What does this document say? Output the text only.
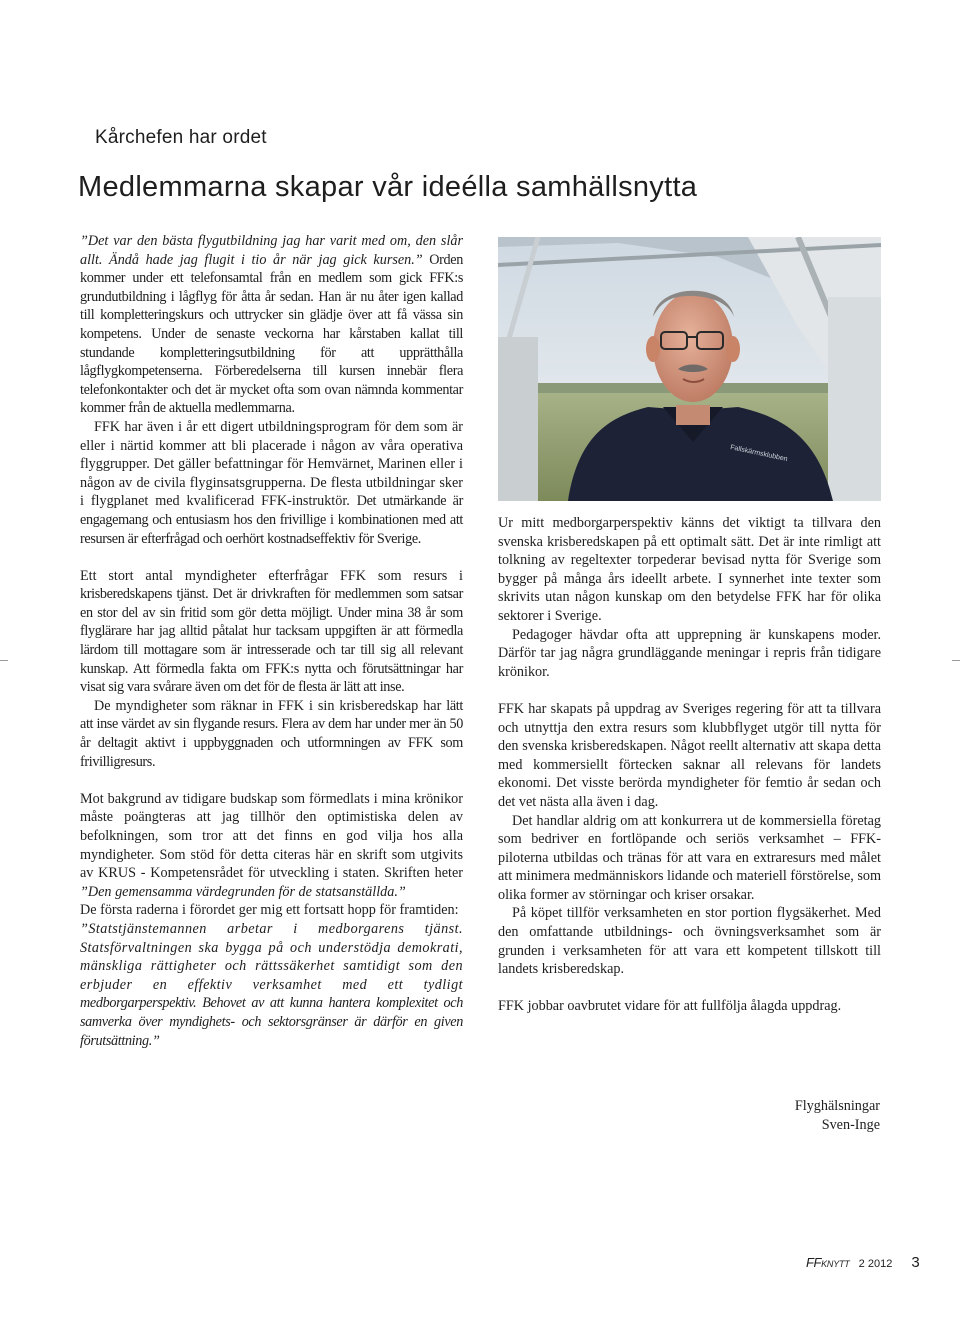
Kårchefen har ordet
Medlemmarna skapar vår ideélla samhällsnytta

”Det var den bästa flygutbildning jag har varit med om, den slår allt. Ändå hade jag flugit i tio år när jag gick kursen.” Orden kommer under ett telefonsamtal från en medlem som gick FFK:s grundutbildning i lågflyg för åtta år sedan. Han är nu åter igen kallad till kompletteringskurs och uttrycker sin glädje över att få vässa sin kompetens. Under de senaste veckorna har kårstaben kallat till stundande kompletteringsutbildning för att upprätthålla lågflygkompetenserna. Förberedelserna till kursen innebär flera telefonkontakter och det är mycket ofta som ovan nämnda kommentar kommer från de aktuella medlemmarna.

FFK har även i år ett digert utbildningsprogram för dem som är eller i närtid kommer att bli placerade i någon av våra operativa flyggrupper. Det gäller befattningar för Hemvärnet, Marinen eller i någon av de civila flyginsatsgrupperna. De flesta utbildningar sker i flygplanet med kvalificerad FFK-instruktör. Det utmärkande är engagemang och entusiasm hos den frivillige i kombinationen med att resursen är efterfrågad och oerhört kostnadseffektiv för Sverige.

Ett stort antal myndigheter efterfrågar FFK som resurs i krisberedskapens tjänst. Det är drivkraften för medlemmen som satsar en stor del av sin fritid som gör detta möjligt. Under mina 38 år som flyglärare har jag alltid påtalat hur tacksam uppgiften är att förmedla lärdom till mottagare som är intresserade och tar till sig all relevant kunskap. Att förmedla fakta om FFK:s nytta och förutsättningar har visat sig vara svårare även om det för de flesta är lätt att inse.

De myndigheter som räknar in FFK i sin krisberedskap har lätt att inse värdet av sin flygande resurs. Flera av dem har under mer än 50 år deltagit aktivt i uppbyggnaden och utformningen av FFK som frivilligresurs.

Mot bakgrund av tidigare budskap som förmedlats i mina krönikor måste poängteras att jag tillhör den optimistiska delen av befolkningen, som tror att det finns en god vilja hos alla myndigheter. Som stöd för detta citeras här en skrift som utgivits av KRUS - Kompetensrådet för utveckling i staten. Skriften heter ”Den gemensamma värdegrunden för de statsanställda.”

De första raderna i förordet ger mig ett fortsatt hopp för framtiden:

”Statstjänstemannen arbetar i medborgarens tjänst. Statsförvaltningen ska bygga på och understödja demokrati, mänskliga rättigheter och rättssäkerhet samtidigt som den erbjuder en effektiv verksamhet med ett tydligt medborgarperspektiv. Behovet av att kunna hantera komplexitet och samverka över myndighets- och sektorsgränser är därför en given förutsättning.”

Fallskärmsklubben

Ur mitt medborgarperspektiv känns det viktigt ta tillvara den svenska krisberedskapen på ett optimalt sätt. Det är inte rimligt att tolkning av regeltexter torpederar bevisad nytta för Sverige som bygger på många års ideellt arbete. I synnerhet inte texter som skrivits utan någon kunskap om den betydelse FFK har för olika sektorer i Sverige.

Pedagoger hävdar ofta att upprepning är kunskapens moder. Därför tar jag några grundläggande meningar i repris från tidigare krönikor.

FFK har skapats på uppdrag av Sveriges regering för att ta tillvara och utnyttja den extra resurs som klubbflyget utgör till nytta för den svenska krisberedskapen. Något reellt alternativ att skapa detta med kommersiellt förtecken saknar all relevans för landets ekonomi. Det visste berörda myndigheter för femtio år sedan och det vet nästa alla även i dag.

Det handlar aldrig om att konkurrera ut de kommersiella företag som bedriver en fortlöpande och seriös verksamhet – FFK-piloterna utbildas och tränas för att vara en extraresurs med målet att minimera medmänniskors lidande och materiell förstörelse, som olika former av störningar och kriser orsakar.

På köpet tillför verksamheten en stor portion flygsäkerhet. Med den omfattande utbildnings- och övningsverksamhet som är grunden i verksamheten för att vara ett kompetent tillskott till landets krisberedskap.

FFK jobbar oavbrutet vidare för att fullfölja ålagda uppdrag.

Flyghälsningar
Sven-Inge
FFKNYTT 2 2012 3
